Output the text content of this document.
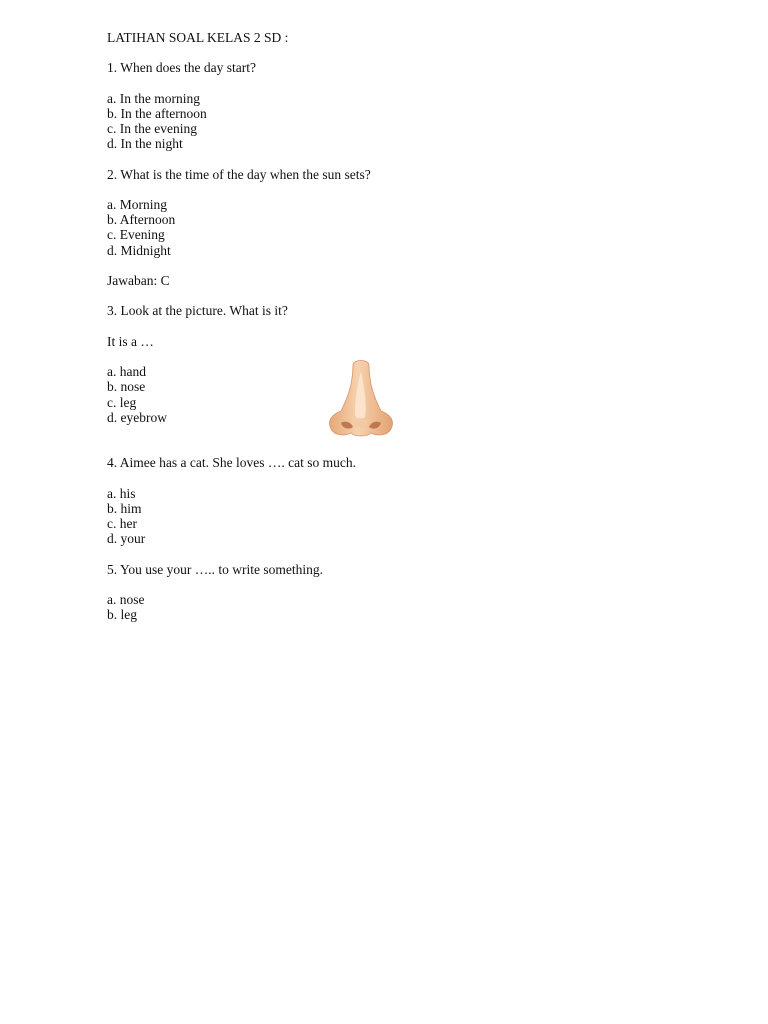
LATIHAN SOAL KELAS 2 SD :
1. When does the day start?
a. In the morning
b. In the afternoon
c. In the evening
d. In the night
2. What is the time of the day when the sun sets?
a. Morning
b. Afternoon
c. Evening
d. Midnight
Jawaban: C
3. Look at the picture. What is it?
It is a …
a. hand
b. nose
c. leg
d. eyebrow
4. Aimee has a cat. She loves …. cat so much.
a. his
b. him
c. her
d. your
5. You use your ….. to write something.
a. nose
b. leg
